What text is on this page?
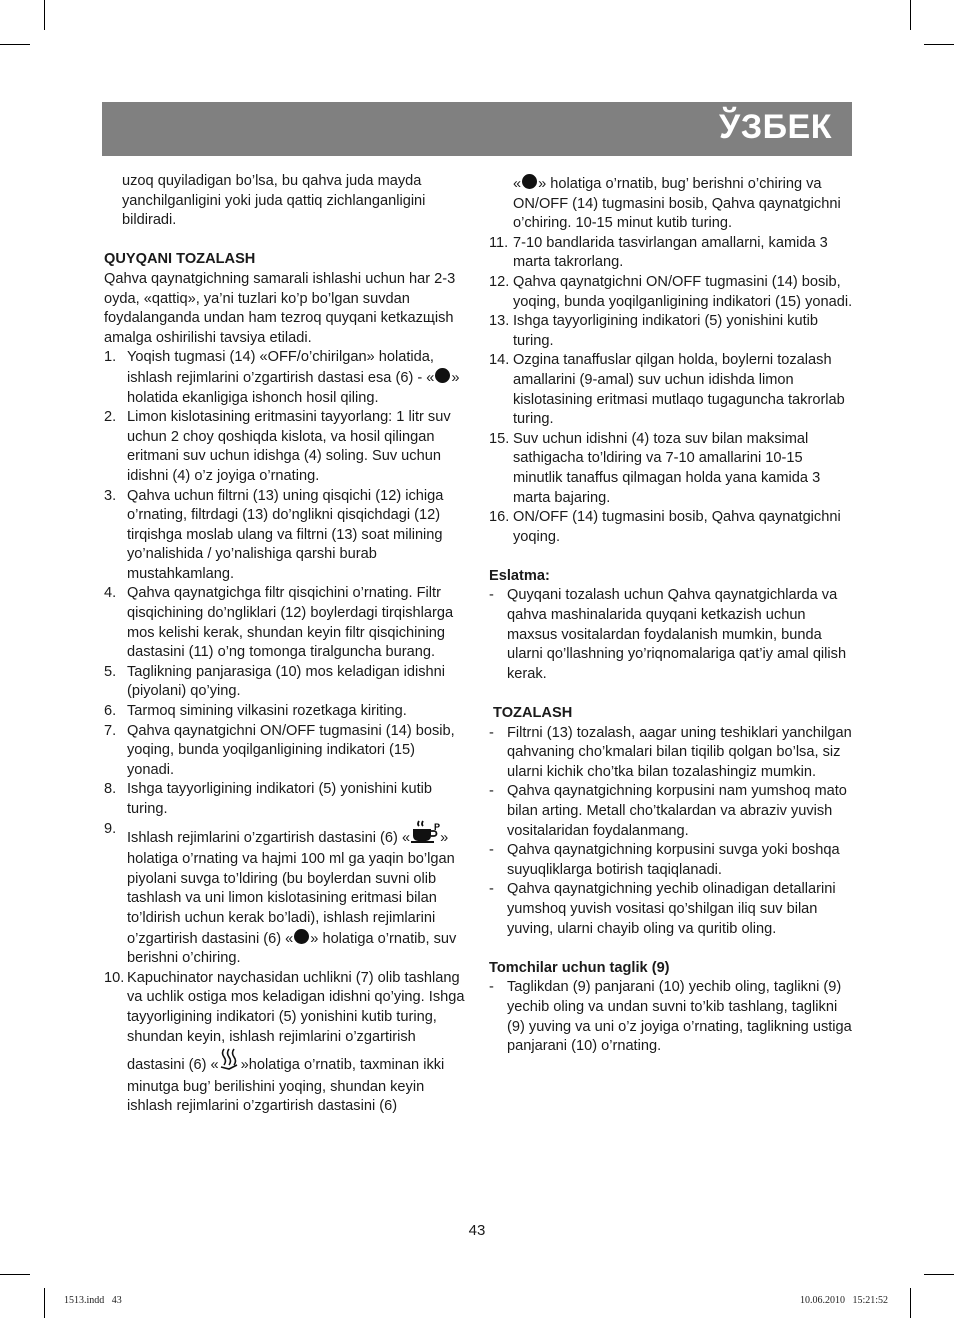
ЎЗБЕК

uzoq quyiladigan bo’lsa, bu qahva juda mayda yanchilganligini yoki juda qattiq zichlanganligini bildiradi.

QUYQANI TOZALASH

Qahva qaynatgichning samarali ishlashi uchun har 2-3 oyda, «qattiq», ya’ni tuzlari ko’p bo’lgan suvdan foydalanganda undan ham tezroq quyqani ketkazщish amalga oshirilishi tavsiya etiladi.

1. Yoqish tugmasi (14) «OFF/o’chirilgan» holatida, ishlash rejimlarini o’zgartirish dastasi esa (6) - « » holatida ekanligiga ishonch hosil qiling.
2. Limon kislotasining eritmasini tayyorlang: 1 litr suv uchun 2 choy qoshiqda kislota, va hosil qilingan eritmani suv uchun idishga (4) soling. Suv uchun idishni (4) o’z joyiga o’rnating.
3. Qahva uchun filtrni (13) uning qisqichi (12) ichiga o’rnating, filtrdagi (13) do’nglikni qisqichdagi (12) tirqishga moslab ulang va filtrni (13) soat milining yo’nalishida / yo’nalishiga qarshi burab mustahkamlang.
4. Qahva qaynatgichga filtr qisqichini o’rnating. Filtr qisqichining do’ngliklari (12) boylerdagi tirqishlarga mos kelishi kerak, shundan keyin filtr qisqichining dastasini (11) o’ng tomonga tiralguncha burang.
5. Taglikning panjarasiga (10) mos keladigan idishni (piyolani) qo’ying.
6. Tarmoq simining vilkasini rozetkaga kiriting.
7. Qahva qaynatgichni ON/OFF tugmasini (14) bosib, yoqing, bunda yoqilganligining indikatori (15) yonadi.
8. Ishga tayyorligining indikatori (5) yonishini kutib turing.
9.
Ishlash rejimlarini o’zgartirish dastasini (6) «
P
» holatiga o’rnating va hajmi 100 ml ga yaqin bo’lgan piyolani suvga to’ldiring (bu boylerdan suvni olib tashlash va uni limon kislotasining eritmasi bilan to’ldirish uchun kerak bo’ladi), ishlash rejimlarini o’zgartirish dastasini (6) « » holatiga o’rnatib, suv berishni o’chiring.
10. Kapuchinator naychasidan uchlikni (7) olib tashlang va uchlik ostiga mos keladigan idishni qo’ying. Ishga tayyorligining indikatori (5) yonishini kutib turing, shundan keyin, ishlash rejimlarini o’zgartirish dastasini (6) « »holatiga o’rnatib, taxminan ikki minutga bug’ berilishini yoqing, shundan keyin ishlash rejimlarini o’zgartirish dastasini (6)

« » holatiga o’rnatib, bug’ berishni o’chiring va ON/OFF (14) tugmasini bosib, Qahva qaynatgichni o’chiring. 10-15 minut kutib turing.

11. 7-10 bandlarida tasvirlangan amallarni, kamida 3 marta takrorlang.
12. Qahva qaynatgichni ON/OFF tugmasini (14) bosib, yoqing, bunda yoqilganligining indikatori (15) yonadi.
13. Ishga tayyorligining indikatori (5) yonishini kutib turing.
14. Ozgina tanaffuslar qilgan holda, boylerni tozalash amallarini (9-amal) suv uchun idishda limon kislotasining eritmasi mutlaqo tugaguncha takrorlab turing.
15. Suv uchun idishni (4) toza suv bilan maksimal sathigacha to’ldiring va 7-10 amallarini 10-15 minutlik tanaffus qilmagan holda yana kamida 3 marta bajaring.
16. ON/OFF (14) tugmasini bosib, Qahva qaynatgichni yoqing.

Eslatma:

- Quyqani tozalash uchun Qahva qaynatgichlarda va qahva mashinalarida quyqani ketkazish uchun maxsus vositalardan foydalanish mumkin, bunda ularni qo’llashning yo’riqnomalariga qat’iy amal qilish kerak.

TOZALASH

- Filtrni (13) tozalash, aagar uning teshiklari yanchilgan qahvaning cho’kmalari bilan tiqilib qolgan bo’lsa, siz ularni kichik cho’tka bilan tozalashingiz mumkin.
- Qahva qaynatgichning korpusini nam yumshoq mato bilan arting. Metall cho’tkalardan va abraziv yuvish vositalaridan foydalanmang.
- Qahva qaynatgichning korpusini suvga yoki boshqa suyuqliklarga botirish taqiqlanadi.
- Qahva qaynatgichning yechib olinadigan detallarini yumshoq yuvish vositasi qo’shilgan iliq suv bilan yuving, ularni chayib oling va quritib oling.

Tomchilar uchun taglik (9)

- Taglikdan (9) panjarani (10) yechib oling, taglikni (9) yechib oling va undan suvni to’kib tashlang, taglikni (9) yuving va uni o’z joyiga o’rnating, taglikning ustiga panjarani (10) o’rnating.
43
1513.indd   43	10.06.2010   15:21:52
